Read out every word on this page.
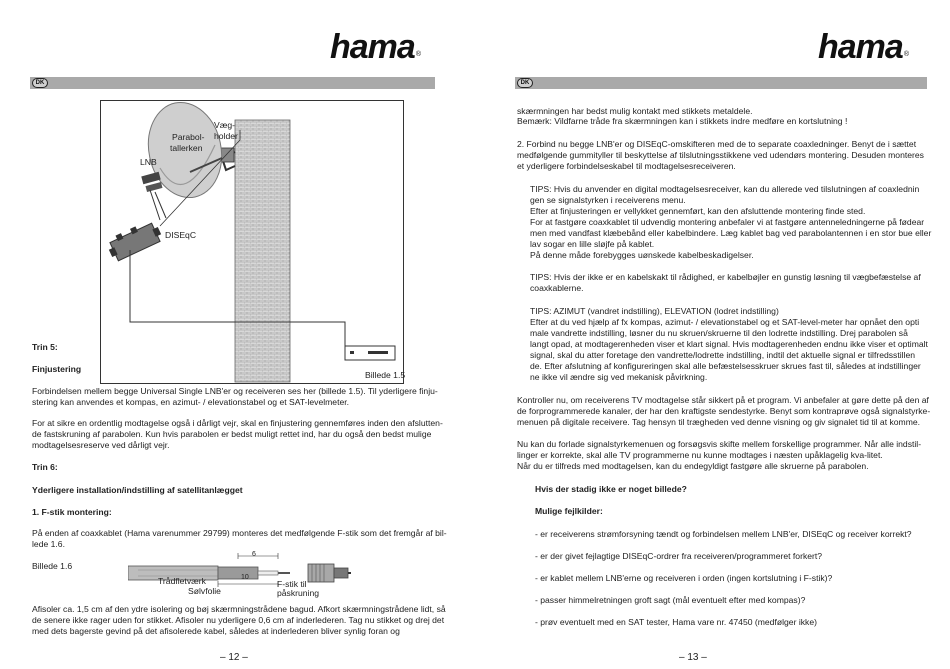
hama®
DK
Væg-
holder
Parabol-
tallerken
LNB
DISEqC
Billede 1.5
Trin 5:
Finjustering
Forbindelsen mellem begge Universal Single LNB'er og receiveren ses her (billede 1.5). Til yderligere finju-
stering kan anvendes et kompas, en azimut- / elevationstabel og et SAT-levelmeter.
For at sikre en ordentlig modtagelse også i dårligt vejr, skal en finjustering gennemføres inden den afslutten-
de fastskruning af parabolen. Kun hvis parabolen er bedst muligt rettet ind, har du også den bedst mulige
modtagelsesreserve ved dårligt vejr.
Trin 6:
Yderligere installation/indstilling af satellitanlægget
1. F-stik montering:
På enden af coaxkablet (Hama varenummer 29799) monteres det medfølgende F-stik som det fremgår af bil-
lede 1.6.
Billede 1.6
6
10
Trådfletværk
Sølvfolie
F-stik til
påskruning
Afisoler ca. 1,5 cm af den ydre isolering og bøj skærmningstrådene bagud. Afkort skærmningstrådene lidt, så
de senere ikke rager uden for stikket. Afisoler nu yderligere 0,6 cm af inderlederen. Tag nu stikket og drej det
med dets bagerste gevind på det afisolerede kabel, således at inderlederen bliver synlig foran og
– 12 –
hama®
DK
skærmningen har bedst mulig kontakt med stikkets metaldele.
Bemærk: Vildfarne tråde fra skærmningen kan i stikkets indre medføre en kortslutning !
2. Forbind nu begge LNB'er og DISEqC-omskifteren med de to separate coaxledninger. Benyt de i sættet
medfølgende gummityller til beskyttelse af tilslutningsstikkene ved udendørs montering. Desuden monteres
et yderligere forbindelseskabel til modtagelsesreceiveren.
TIPS: Hvis du anvender en digital modtagelsesreceiver, kan du allerede ved tilslutningen af coaxlednin
gen se signalstyrken i receiverens menu.
Efter at finjusteringen er vellykket gennemført, kan den afsluttende montering finde sted.
For at fastgøre coaxkablet til udvendig montering anbefaler vi at fastgøre antenneledningerne på fødear
men med vandfast klæbebånd eller kabelbindere. Læg kablet bag ved parabolantennen i en stor bue eller
lav sogar en lille sløjfe på kablet.
På denne måde forebygges uønskede kabelbeskadigelser.
TIPS: Hvis der ikke er en kabelskakt til rådighed, er kabelbøjler en gunstig løsning til vægbefæstelse af
coaxkablerne.
TIPS: AZIMUT (vandret indstilling), ELEVATION (lodret indstilling)
Efter at du ved hjælp af fx kompas, azimut- / elevationstabel og et SAT-level-meter har opnået den opti
male vandrette indstilling, løsner du nu skruen/skruerne til den lodrette indstilling. Drej parabolen så
langt opad, at modtagerenheden viser et klart signal. Hvis modtagerenheden endnu ikke viser et optimalt
signal, skal du atter foretage den vandrette/lodrette indstilling, indtil det aktuelle signal er tilfredsstillen
de. Efter afslutning af konfigureringen skal alle befæstelsesskruer skrues fast til, således at indstillinger
ne ikke vil ændre sig ved mekanisk påvirkning.
Kontroller nu, om receiverens TV modtagelse står sikkert på et program. Vi anbefaler at gøre dette på den af
de forprogrammerede kanaler, der har den kraftigste sendestyrke. Benyt som kontraprøve også signalstyrke-
menuen på digitale receivere. Tag hensyn til trægheden ved denne visning og giv signalet tid til at komme.
Nu kan du forlade signalstyrkemenuen og forsøgsvis skifte mellem forskellige programmer. Når alle indstil-
linger er korrekte, skal alle TV programmerne nu kunne modtages i næsten upåklagelig kva-litet.
Når du er tilfreds med modtagelsen, kan du endegyldigt fastgøre alle skruerne på parabolen.
Hvis der stadig ikke er noget billede?
Mulige fejlkilder:
- er receiverens strømforsyning tændt og forbindelsen mellem LNB'er, DISEqC og receiver korrekt?
- er der givet fejlagtige DISEqC-ordrer fra receiveren/programmeret forkert?
- er kablet mellem LNB'erne og receiveren i orden (ingen kortslutning i F-stik)?
- passer himmelretningen groft sagt (mål eventuelt efter med kompas)?
- prøv eventuelt med en SAT tester, Hama vare nr. 47450 (medfølger ikke)
– 13 –
